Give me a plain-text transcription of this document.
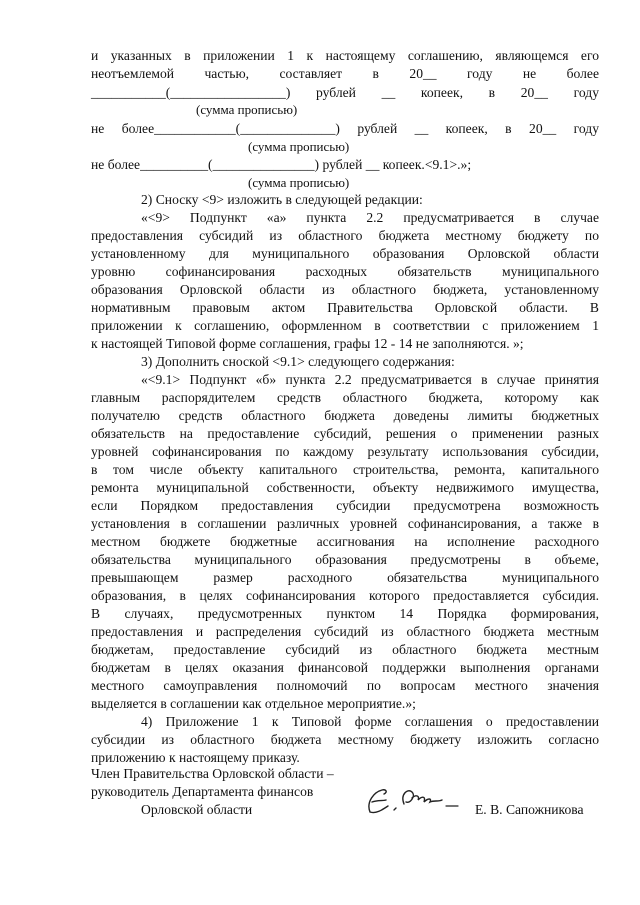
и указанных в приложении 1 к настоящему соглашению, являющемся его
неотъемлемой частью, составляет в 20__ году не более
___________(_________________) рублей __ копеек, в 20__ году
(сумма прописью)
не более____________(______________) рублей __ копеек, в 20__ году
(сумма прописью)
не более__________(_______________) рублей __ копеек.<9.1>.»;
(сумма прописью)
2) Сноску <9> изложить в следующей редакции:
«<9> Подпункт «а» пункта 2.2 предусматривается в случае
предоставления субсидий из областного бюджета местному бюджету по
установленному для муниципального образования Орловской области
уровню софинансирования расходных обязательств муниципального
образования Орловской области из областного бюджета, установленному
нормативным правовым актом Правительства Орловской области. В
приложении к соглашению, оформленном в соответствии с приложением 1
к настоящей Типовой форме соглашения, графы 12 - 14 не заполняются. »;
3) Дополнить сноской <9.1> следующего содержания:
«<9.1> Подпункт «б» пункта 2.2 предусматривается в случае принятия
главным распорядителем средств областного бюджета, которому как
получателю средств областного бюджета доведены лимиты бюджетных
обязательств на предоставление субсидий, решения о применении разных
уровней софинансирования по каждому результату использования субсидии,
в том числе объекту капитального строительства, ремонта, капитального
ремонта муниципальной собственности, объекту недвижимого имущества,
если Порядком предоставления субсидии предусмотрена возможность
установления в соглашении различных уровней софинансирования, а также в
местном бюджете бюджетные ассигнования на исполнение расходного
обязательства муниципального образования предусмотрены в объеме,
превышающем размер расходного обязательства муниципального
образования, в целях софинансирования которого предоставляется субсидия.
В случаях, предусмотренных пунктом 14 Порядка формирования,
предоставления и распределения субсидий из областного бюджета местным
бюджетам, предоставление субсидий из областного бюджета местным
бюджетам в целях оказания финансовой поддержки выполнения органами
местного самоуправления полномочий по вопросам местного значения
выделяется в соглашении как отдельное мероприятие.»;
4) Приложение 1 к Типовой форме соглашения о предоставлении
субсидии из областного бюджета местному бюджету изложить согласно
приложению к настоящему приказу.
Член Правительства Орловской области –
руководитель Департамента финансов
Орловской области	Е. В. Сапожникова
